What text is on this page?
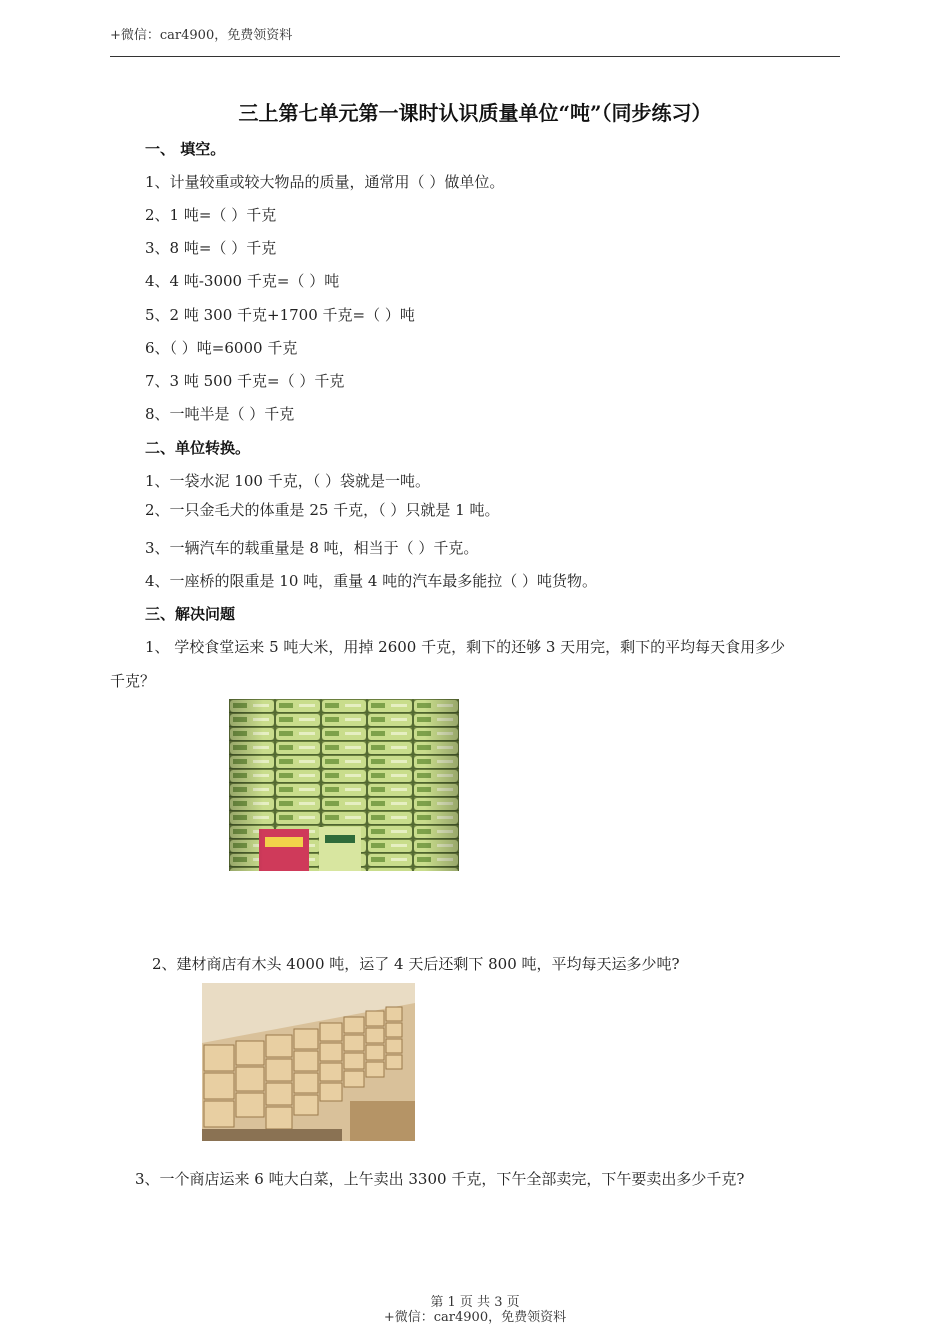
+微信：car4900，免费领资料
三上第七单元第一课时认识质量单位“吨”（同步练习）
一、 填空。
1、计量较重或较大物品的质量，通常用（ ）做单位。
2、1 吨=（ ）千克
3、8 吨=（ ）千克
4、4 吨-3000 千克=（ ）吨
5、2 吨 300 千克+1700 千克=（ ）吨
6、（ ）吨=6000 千克
7、3 吨 500 千克=（ ）千克
8、一吨半是（ ）千克
二、单位转换。
1、一袋水泥 100 千克，（ ）袋就是一吨。
2、一只金毛犬的体重是 25 千克，（ ）只就是 1 吨。
3、一辆汽车的载重量是 8 吨，相当于（ ）千克。
4、一座桥的限重是 10 吨，重量 4 吨的汽车最多能拉（ ）吨货物。
三、解决问题
1、 学校食堂运来 5 吨大米，用掉 2600 千克，剩下的还够 3 天用完，剩下的平均每天食用多少
千克？
2、建材商店有木头 4000 吨，运了 4 天后还剩下 800 吨，平均每天运多少吨?
3、一个商店运来 6 吨大白菜，上午卖出 3300 千克，下午全部卖完，下午要卖出多少千克?
第 1 页 共 3 页
+微信：car4900，免费领资料
